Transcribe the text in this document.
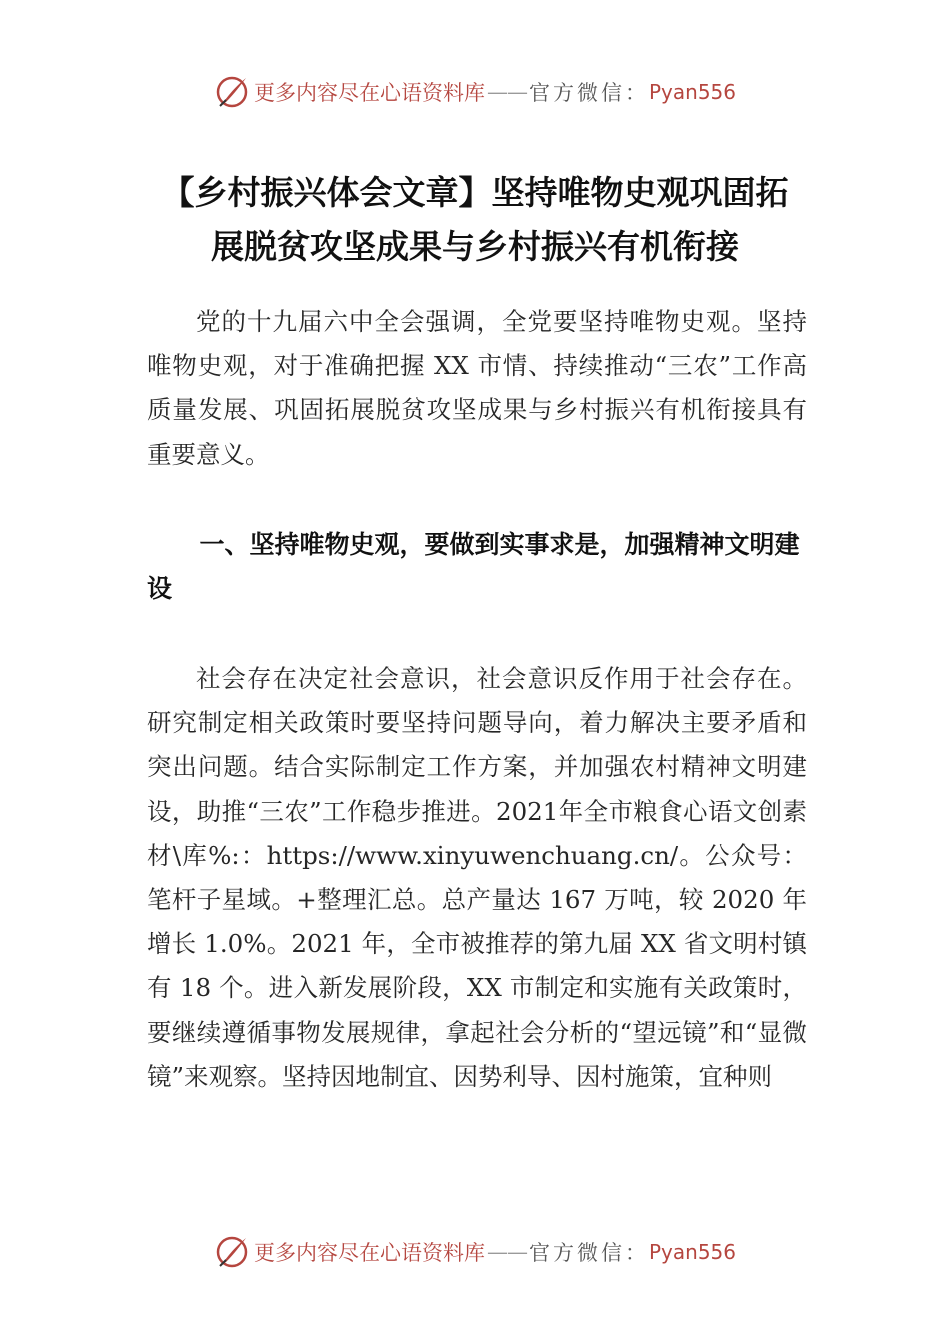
更多内容尽在心语资料库 —— 官方微信： Pyan556
【乡村振兴体会文章】坚持唯物史观巩固拓
展脱贫攻坚成果与乡村振兴有机衔接

党的十九届六中全会强调，全党要坚持唯物史观。坚持唯物史观，对于准确把握 XX 市情、持续推动“三农”工作高质量发展、巩固拓展脱贫攻坚成果与乡村振兴有机衔接具有重要意义。

一、坚持唯物史观，要做到实事求是，加强精神文明建设

社会存在决定社会意识，社会意识反作用于社会存在。研究制定相关政策时要坚持问题导向，着力解决主要矛盾和突出问题。结合实际制定工作方案，并加强农村精神文明建设，助推“三农”工作稳步推进。2021年全市粮食心语文创素材\库%:：https://www.xinyuwenchuang.cn/。公众号：笔杆子星域。+整理汇总。总产量达 167 万吨，较 2020 年增长 1.0%。2021 年，全市被推荐的第九届 XX 省文明村镇有 18 个。进入新发展阶段，XX 市制定和实施有关政策时，要继续遵循事物发展规律，拿起社会分析的“望远镜”和“显微镜”来观察。坚持因地制宜、因势利导、因村施策，宜种则

更多内容尽在心语资料库 —— 官方微信： Pyan556
